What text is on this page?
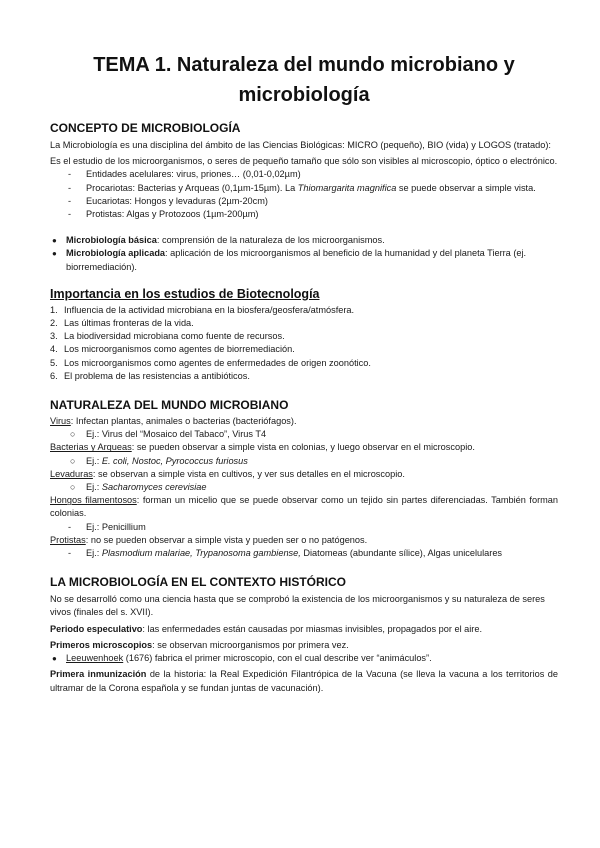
TEMA 1. Naturaleza del mundo microbiano y microbiología
CONCEPTO DE MICROBIOLOGÍA

La Microbiología es una disciplina del ámbito de las Ciencias Biológicas: MICRO (pequeño), BIO (vida) y LOGOS (tratado):

Es el estudio de los microorganismos, o seres de pequeño tamaño que sólo son visibles al microscopio, óptico o electrónico.

- Entidades acelulares: virus, priones… (0,01-0,02µm)
- Procariotas: Bacterias y Arqueas (0,1µm-15µm). La Thiomargarita magnifica se puede observar a simple vista.
- Eucariotas: Hongos y levaduras (2µm-20cm)
- Protistas: Algas y Protozoos (1µm-200µm)
● Microbiología básica: comprensión de la naturaleza de los microorganismos.
● Microbiología aplicada: aplicación de los microorganismos al beneficio de la humanidad y del planeta Tierra (ej. biorremediación).
Importancia en los estudios de Biotecnología
1. Influencia de la actividad microbiana en la biosfera/geosfera/atmósfera.
2. Las últimas fronteras de la vida.
3. La biodiversidad microbiana como fuente de recursos.
4. Los microorganismos como agentes de biorremediación.
5. Los microorganismos como agentes de enfermedades de origen zoonótico.
6. El problema de las resistencias a antibióticos.
NATURALEZA DEL MUNDO MICROBIANO

Virus: Infectan plantas, animales o bacterias (bacteriófagos).

○ Ej.: Virus del “Mosaico del Tabaco”, Virus T4

Bacterias y Arqueas: se pueden observar a simple vista en colonias, y luego observar en el microscopio.

○ Ej.: E. coli, Nostoc, Pyrococcus furiosus

Levaduras: se observan a simple vista en cultivos, y ver sus detalles en el microscopio.

○ Ej.: Sacharomyces cerevisiae

Hongos filamentosos: forman un micelio que se puede observar como un tejido sin partes diferenciadas. También forman colonias.

- Ej.: Penicillium

Protistas: no se pueden observar a simple vista y pueden ser o no patógenos.

- Ej.: Plasmodium malariae, Trypanosoma gambiense, Diatomeas (abundante sílice), Algas unicelulares
LA MICROBIOLOGÍA EN EL CONTEXTO HISTÓRICO

No se desarrolló como una ciencia hasta que se comprobó la existencia de los microorganismos y su naturaleza de seres vivos (finales del s. XVII).

Periodo especulativo: las enfermedades están causadas por miasmas invisibles, propagados por el aire.

Primeros microscopios: se observan microorganismos por primera vez.

● Leeuwenhoek (1676) fabrica el primer microscopio, con el cual describe ver “animáculos”.

Primera inmunización de la historia: la Real Expedición Filantrópica de la Vacuna (se lleva la vacuna a los territorios de ultramar de la Corona española y se fundan juntas de vacunación).
